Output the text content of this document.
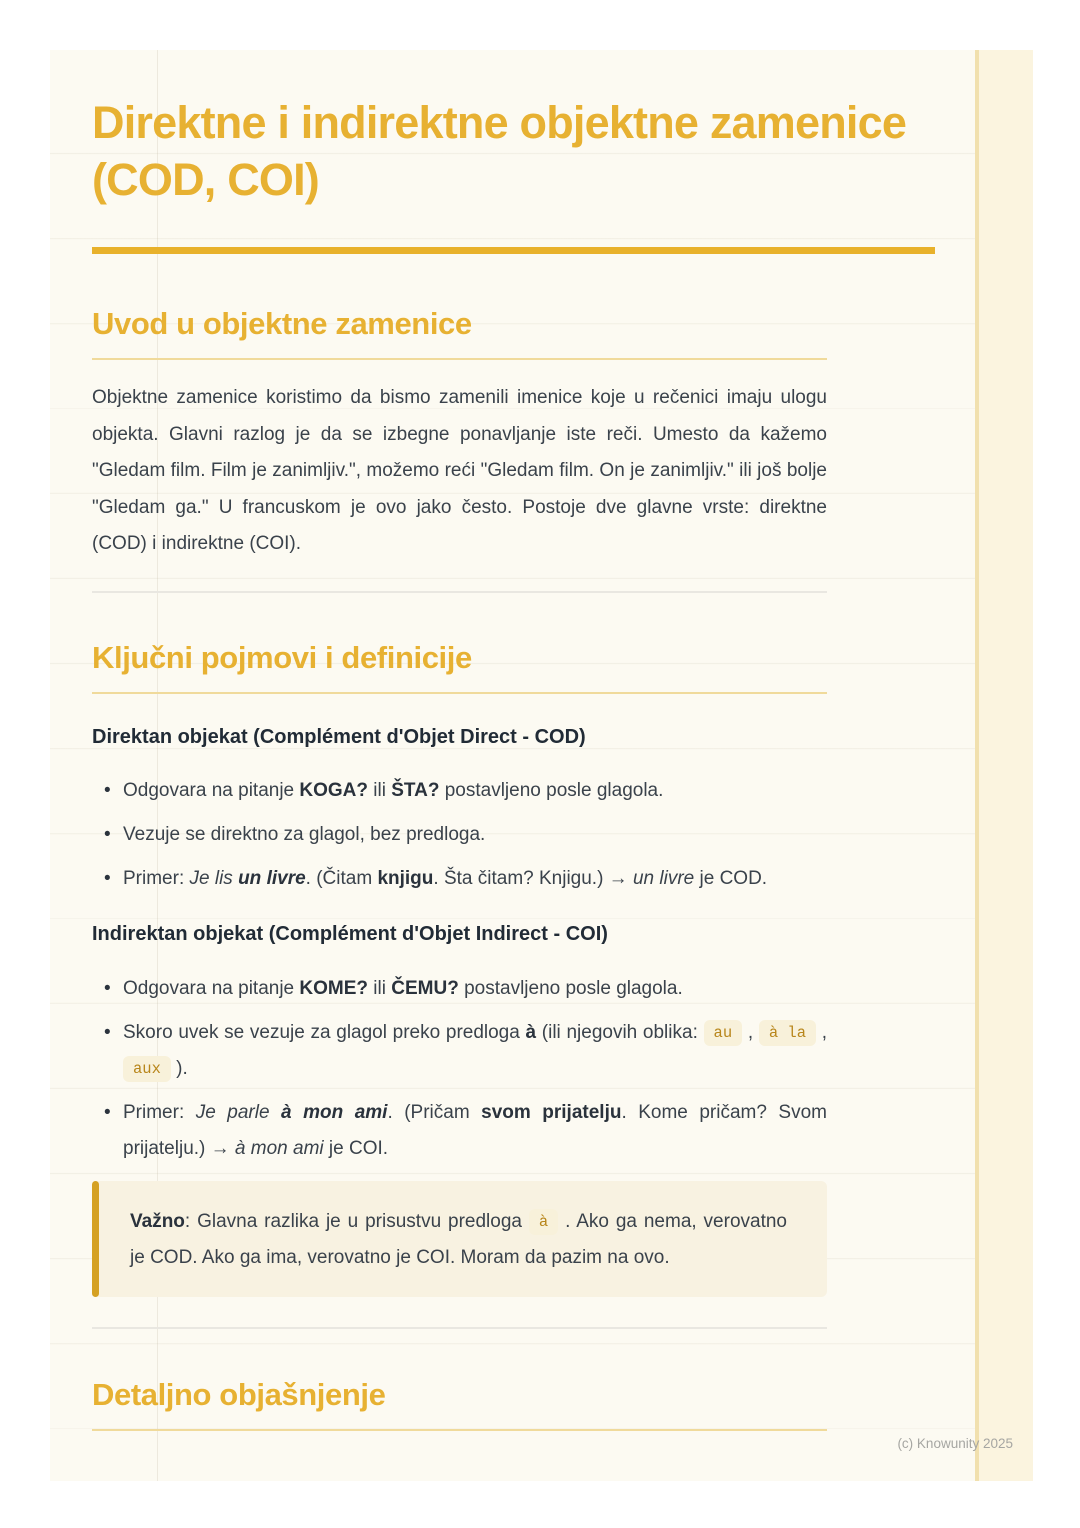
Direktne i indirektne objektne zamenice (COD, COI)
Uvod u objektne zamenice

Objektne zamenice koristimo da bismo zamenili imenice koje u rečenici imaju ulogu objekta. Glavni razlog je da se izbegne ponavljanje iste reči. Umesto da kažemo "Gledam film. Film je zanimljiv.", možemo reći "Gledam film. On je zanimljiv." ili još bolje "Gledam ga." U francuskom je ovo jako često. Postoje dve glavne vrste: direktne (COD) i indirektne (COI).

Ključni pojmovi i definicije
Direktan objekat (Complément d'Objet Direct - COD)
• Odgovara na pitanje KOGA? ili ŠTA? postavljeno posle glagola.
• Vezuje se direktno za glagol, bez predloga.
• Primer: Je lis un livre. (Čitam knjigu. Šta čitam? Knjigu.) → un livre je COD.
Indirektan objekat (Complément d'Objet Indirect - COI)
• Odgovara na pitanje KOME? ili ČEMU? postavljeno posle glagola.
• Skoro uvek se vezuje za glagol preko predloga à (ili njegovih oblika: au , à la , aux ).
• Primer: Je parle à mon ami. (Pričam svom prijatelju. Kome pričam? Svom prijatelju.) → à mon ami je COI.
Važno: Glavna razlika je u prisustvu predloga à . Ako ga nema, verovatno je COD. Ako ga ima, verovatno je COI. Moram da pazim na ovo.
Detaljno objašnjenje
(c) Knowunity 2025
